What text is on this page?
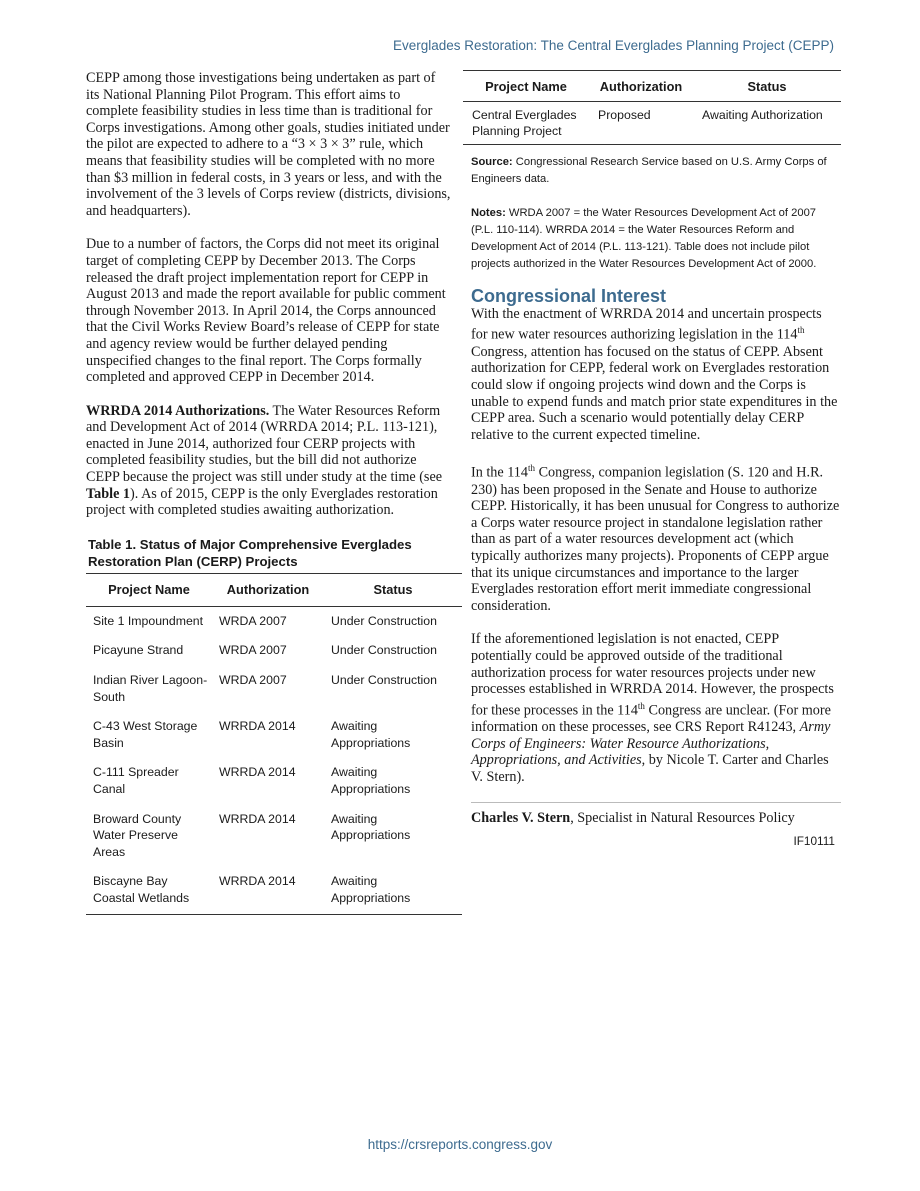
Everglades Restoration: The Central Everglades Planning Project (CEPP)

CEPP among those investigations being undertaken as part of its National Planning Pilot Program. This effort aims to complete feasibility studies in less time than is traditional for Corps investigations. Among other goals, studies initiated under the pilot are expected to adhere to a “3 × 3 × 3” rule, which means that feasibility studies will be completed with no more than $3 million in federal costs, in 3 years or less, and with the involvement of the 3 levels of Corps review (districts, divisions, and headquarters).

Due to a number of factors, the Corps did not meet its original target of completing CEPP by December 2013. The Corps released the draft project implementation report for CEPP in August 2013 and made the report available for public comment through November 2013. In April 2014, the Corps announced that the Civil Works Review Board’s release of CEPP for state and agency review would be further delayed pending unspecified changes to the final report. The Corps formally completed and approved CEPP in December 2014.

WRRDA 2014 Authorizations. The Water Resources Reform and Development Act of 2014 (WRRDA 2014; P.L. 113-121), enacted in June 2014, authorized four CERP projects with completed feasibility studies, but the bill did not authorize CEPP because the project was still under study at the time (see Table 1). As of 2015, CEPP is the only Everglades restoration project with completed studies awaiting authorization.

Table 1. Status of Major Comprehensive Everglades Restoration Plan (CERP) Projects
Project Name	Authorization	Status
Site 1 Impoundment	WRDA 2007	Under Construction
Picayune Strand	WRDA 2007	Under Construction
Indian River Lagoon-South	WRDA 2007	Under Construction
C-43 West Storage Basin	WRRDA 2014	Awaiting Appropriations
C-111 Spreader Canal	WRRDA 2014	Awaiting Appropriations
Broward County Water Preserve Areas	WRRDA 2014	Awaiting Appropriations
Biscayne Bay Coastal Wetlands	WRRDA 2014	Awaiting Appropriations
Project Name	Authorization	Status
Central Everglades Planning Project	Proposed	Awaiting Authorization

Source: Congressional Research Service based on U.S. Army Corps of Engineers data.

Notes: WRDA 2007 = the Water Resources Development Act of 2007 (P.L. 110-114). WRRDA 2014 = the Water Resources Reform and Development Act of 2014 (P.L. 113-121). Table does not include pilot projects authorized in the Water Resources Development Act of 2000.

Congressional Interest

With the enactment of WRRDA 2014 and uncertain prospects for new water resources authorizing legislation in the 114th Congress, attention has focused on the status of CEPP. Absent authorization for CEPP, federal work on Everglades restoration could slow if ongoing projects wind down and the Corps is unable to expend funds and match prior state expenditures in the CEPP area. Such a scenario would potentially delay CERP relative to the current expected timeline.

In the 114th Congress, companion legislation (S. 120 and H.R. 230) has been proposed in the Senate and House to authorize CEPP. Historically, it has been unusual for Congress to authorize a Corps water resource project in standalone legislation rather than as part of a water resources development act (which typically authorizes many projects). Proponents of CEPP argue that its unique circumstances and importance to the larger Everglades restoration effort merit immediate congressional consideration.

If the aforementioned legislation is not enacted, CEPP potentially could be approved outside of the traditional authorization process for water resources projects under new processes established in WRRDA 2014. However, the prospects for these processes in the 114th Congress are unclear. (For more information on these processes, see CRS Report R41243, Army Corps of Engineers: Water Resource Authorizations, Appropriations, and Activities, by Nicole T. Carter and Charles V. Stern).

Charles V. Stern, Specialist in Natural Resources Policy
IF10111
https://crsreports.congress.gov
